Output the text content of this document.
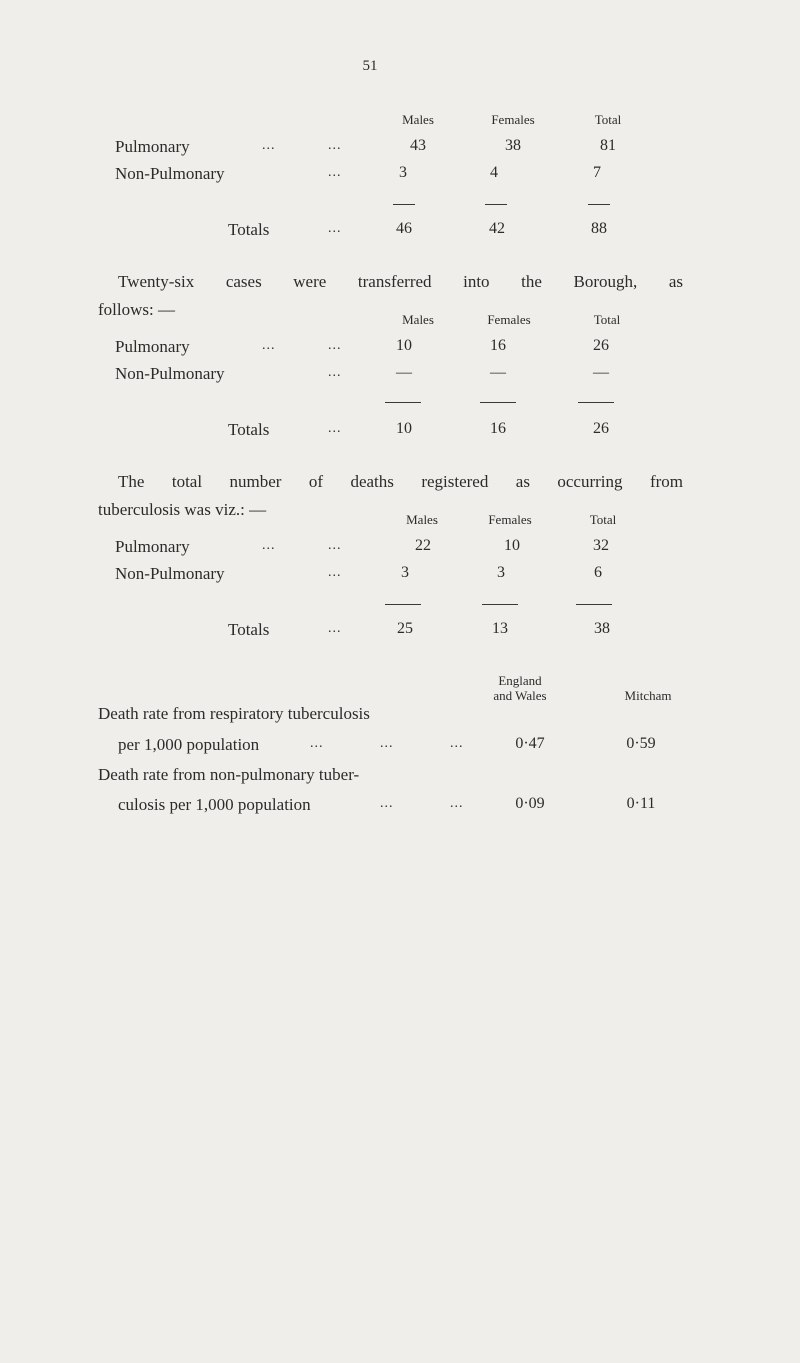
51
Males	Females	Total
Pulmonary	...	...	43	38	81
Non-Pulmonary	...	3	4	7
Totals	...	46	42	88
Twenty-six cases were transferred into the Borough, as
follows: —
Males	Females	Total
Pulmonary	...	...	10	16	26
Non-Pulmonary	...	—	—	—
Totals	...	10	16	26
The total number of deaths registered as occurring from
tuberculosis was viz.: —
Males	Females	Total
Pulmonary	...	...	22	10	32
Non-Pulmonary	...	3	3	6
Totals	...	25	13	38
England
and Wales	Mitcham
Death rate from respiratory tuberculosis
per 1,000 population	...	...	...	0·47	0·59
Death rate from non-pulmonary tuber-
culosis per 1,000 population	...	...	0·09	0·11
